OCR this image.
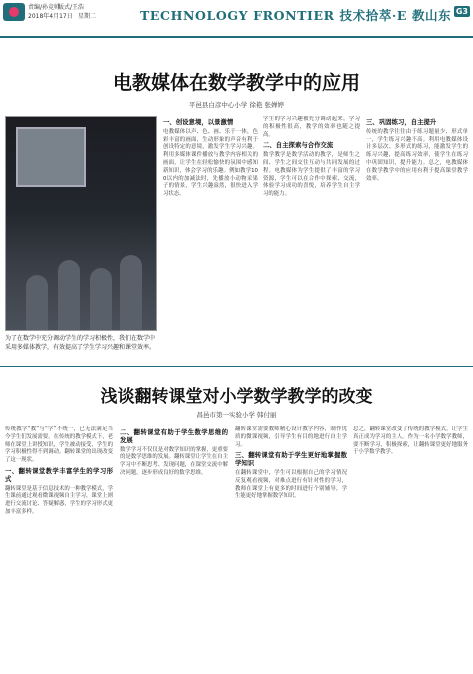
责编/孙竞帅
版式/王浩
2018年4月17日 星期二	TECHNOLOGY FRONTIER 技术拾萃·E 教山东 G3
电教媒体在数学教学中的应用
平邑县白彦中心小学 徐艳 张婵婷
为了在数学中充分调动学生的学习积极性，我们在数学中采用多媒体教学，有效提高了学生学习兴趣和课堂效率。
一、创设意境，以景激情
电教媒体以声、色、画、乐于一体，色彩丰富的画面，生动形象的声音有利于创设特定的意境，激发学生学习兴趣。利用多媒体课件播放与教学内容相关的画面，让学生在轻松愉快的氛围中感知新知识，体会学习的乐趣。例如教学100以内的加减法时，先播放小动物采果子的情景，学生兴趣盎然，很快进入学习状态。
学生的学习兴趣被充分调动起来，学习的积极性很高，教学的效率也随之提高。
二、自主探索与合作交流
数学教学是数学活动的教学，是师生之间、学生之间交往互动与共同发展的过程。电教媒体为学生提供了丰富的学习资源，学生可以在合作中探索、交流，体验学习成功的喜悦，培养学生自主学习的能力。
三、巩固练习，自主提升
传统的教学往往由于练习题量少、形式单一，学生练习兴趣不高。利用电教媒体设计多层次、多形式的练习，能激发学生的练习兴趣，提高练习效率，使学生在练习中巩固知识，提升能力。总之，电教媒体在数学教学中的应用有利于提高课堂教学效率。
浅谈翻转课堂对小学数学教学的改变
昌邑市第一实验小学 韩付丽
传统教学“教”与“学”不统一，已无法满足当今学生们发展需要。在传统的教学模式下，老师在课堂上讲授知识，学生被动接受，学生的学习积极性得不到调动。翻转课堂的出现改变了这一现状。
一、翻转课堂教学丰富学生的学习形式
翻转课堂是基于信息技术的一种教学模式，学生课前通过观看微课视频自主学习，课堂上则进行交流讨论、答疑解惑，学生的学习形式更加丰富多样。
二、翻转课堂有助于学生数学思维的发展
数学学习不仅仅是对数学知识的掌握，更重要的是数学思维的发展。翻转课堂让学生在自主学习中不断思考、发现问题，在课堂交流中解决问题，逐步形成良好的数学思维。
翻转课堂需要教师精心设计教学内容，制作优质的微课视频，引导学生有目的地进行自主学习。
三、翻转课堂有助于学生更好地掌握数学知识
在翻转课堂中，学生可以根据自己的学习情况反复观看视频，对难点进行有针对性的学习，教师在课堂上有更多的时间进行个别辅导，学生能更好地掌握数学知识。
总之，翻转课堂改变了传统的教学模式，让学生真正成为学习的主人。作为一名小学数学教师，要不断学习，积极探索，让翻转课堂更好地服务于小学数学教学。
